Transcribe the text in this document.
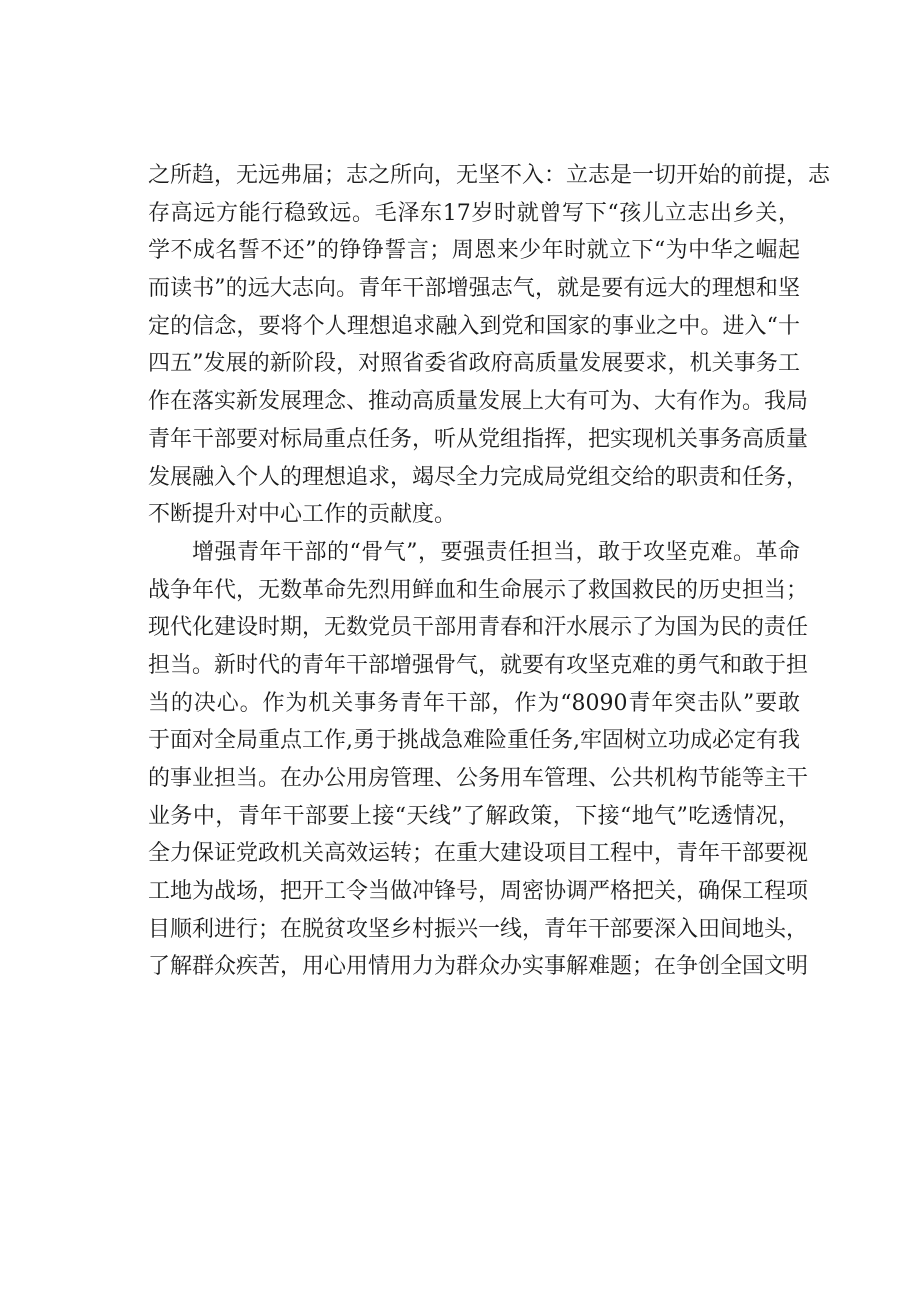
之所趋，无远弗届；志之所向，无坚不入：立志是一切开始的前提，志
存高远方能行稳致远。毛泽东17岁时就曾写下“孩儿立志出乡关，
学不成名誓不还”的铮铮誓言；周恩来少年时就立下“为中华之崛起
而读书”的远大志向。青年干部增强志气，就是要有远大的理想和坚
定的信念，要将个人理想追求融入到党和国家的事业之中。进入“十
四五”发展的新阶段，对照省委省政府高质量发展要求，机关事务工
作在落实新发展理念、推动高质量发展上大有可为、大有作为。我局
青年干部要对标局重点任务，听从党组指挥，把实现机关事务高质量
发展融入个人的理想追求，竭尽全力完成局党组交给的职责和任务，
不断提升对中心工作的贡献度。
增强青年干部的“骨气”，要强责任担当，敢于攻坚克难。革命
战争年代，无数革命先烈用鲜血和生命展示了救国救民的历史担当；
现代化建设时期，无数党员干部用青春和汗水展示了为国为民的责任
担当。新时代的青年干部增强骨气，就要有攻坚克难的勇气和敢于担
当的决心。作为机关事务青年干部，作为“8090青年突击队”要敢
于面对全局重点工作,勇于挑战急难险重任务,牢固树立功成必定有我
的事业担当。在办公用房管理、公务用车管理、公共机构节能等主干
业务中，青年干部要上接“天线”了解政策，下接“地气”吃透情况，
全力保证党政机关高效运转；在重大建设项目工程中，青年干部要视
工地为战场，把开工令当做冲锋号，周密协调严格把关，确保工程项
目顺利进行；在脱贫攻坚乡村振兴一线，青年干部要深入田间地头，
了解群众疾苦，用心用情用力为群众办实事解难题；在争创全国文明
